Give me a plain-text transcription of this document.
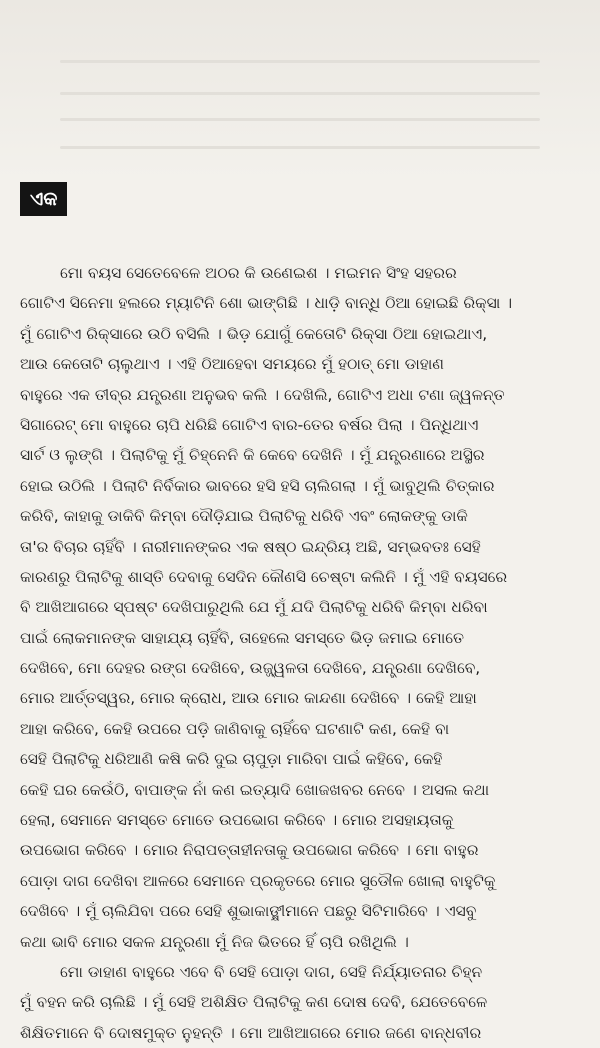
ଏକ
ମୋ ବୟସ ସେତେବେଳେ ଅଠର କି ଉଣେଇଶ । ମଇମନ ସିଂହ ସହରର
ଗୋଟିଏ ସିନେମା ହଲରେ ମ୍ୟାଟିନି ଶୋ ଭାଙ୍ଗିଛି । ଧାଡ଼ି ବାନ୍ଧି ଠିଆ ହୋଇଛି ରିକ୍ସା ।
ମୁଁ ଗୋଟିଏ ରିକ୍ସାରେ ଉଠି ବସିଲି । ଭିଡ଼ ଯୋଗୁଁ କେତୋଟି ରିକ୍ସା ଠିଆ ହୋଇଥାଏ,
ଆଉ କେତୋଟି ଚାଲୁଥାଏ । ଏହି ଠିଆହେବା ସମୟରେ ମୁଁ ହଠାତ୍ ମୋ ଡାହାଣ
ବାହୁରେ ଏକ ତୀବ୍ର ଯନ୍ତ୍ରଣା ଅନୁଭବ କଲି । ଦେଖିଲି, ଗୋଟିଏ ଅଧା ଟଣା ଜ୍ୱଳନ୍ତ
ସିଗାରେଟ୍ ମୋ ବାହୁରେ ଚାପି ଧରିଛି ଗୋଟିଏ ବାର-ତେର ବର୍ଷର ପିଲା । ପିନ୍ଧିଥାଏ
ସାର୍ଟ ଓ ଲୁଙ୍ଗି । ପିଲାଟିକୁ ମୁଁ ଚିହ୍ନେନି କି କେବେ ଦେଖିନି । ମୁଁ ଯନ୍ତ୍ରଣାରେ ଅସ୍ଥିର
ହୋଇ ଉଠିଲି । ପିଲାଟି ନିର୍ବିକାର ଭାବରେ ହସି ହସି ଚାଲିଗଲା । ମୁଁ ଭାବୁଥିଲି ଚିତ୍କାର
କରିବି, କାହାକୁ ଡାକିବି କିମ୍ବା ଦୌଡ଼ିଯାଇ ପିଲାଟିକୁ ଧରିବି ଏବଂ ଲୋକଙ୍କୁ ଡାକି
ତା'ର ବିଚାର ଚାହିଁବି । ନାରୀମାନଙ୍କର ଏକ ଷଷ୍ଠ ଇନ୍ଦ୍ରିୟ ଅଛି, ସମ୍ଭବତଃ ସେହି
କାରଣରୁ ପିଲାଟିକୁ ଶାସ୍ତି ଦେବାକୁ ସେଦିନ କୌଣସି ଚେଷ୍ଟା କଲିନି । ମୁଁ ଏହି ବୟସରେ
ବି ଆଖିଆଗରେ ସ୍ପଷ୍ଟ ଦେଖିପାରୁଥିଲି ଯେ ମୁଁ ଯଦି ପିଲାଟିକୁ ଧରିବି କିମ୍ବା ଧରିବା
ପାଇଁ ଲୋକମାନଙ୍କ ସାହାଯ୍ୟ ଚାହିଁବି, ତାହେଲେ ସମସ୍ତେ ଭିଡ଼ ଜମାଇ ମୋତେ
ଦେଖିବେ, ମୋ ଦେହର ରଙ୍ଗ ଦେଖିବେ, ଉଜ୍ଜ୍ୱଳତା ଦେଖିବେ, ଯନ୍ତ୍ରଣା ଦେଖିବେ,
ମୋର ଆର୍ତ୍ତସ୍ୱର, ମୋର କ୍ରୋଧ, ଆଉ ମୋର କାନ୍ଦଣା ଦେଖିବେ । କେହି ଆହା
ଆହା କରିବେ, କେହି ଉପରେ ପଡ଼ି ଜାଣିବାକୁ ଚାହିଁବେ ଘଟଣାଟି କଣ, କେହି ବା
ସେହି ପିଲାଟିକୁ ଧରିଆଣି କଷି କରି ଦୁଇ ଚାପୁଡ଼ା ମାରିବା ପାଇଁ କହିବେ, କେହି
କେହି ଘର କେଉଁଠି, ବାପାଙ୍କ ନାଁ କଣ ଇତ୍ୟାଦି ଖୋଜଖବର ନେବେ । ଅସଲ କଥା
ହେଲା, ସେମାନେ ସମସ୍ତେ ମୋତେ ଉପଭୋଗ କରିବେ । ମୋର ଅସହାୟତାକୁ
ଉପଭୋଗ କରିବେ । ମୋର ନିରାପତ୍ତାହୀନତାକୁ ଉପଭୋଗ କରିବେ । ମୋ ବାହୁର
ପୋଡ଼ା ଦାଗ ଦେଖିବା ଆଳରେ ସେମାନେ ପ୍ରକୃତରେ ମୋର ସୁଡୌଳ ଖୋଲା ବାହୁଟିକୁ
ଦେଖିବେ । ମୁଁ ଚାଲିଯିବା ପରେ ସେହି ଶୁଭାକାଙ୍କ୍ଷୀମାନେ ପଛରୁ ସିଟିମାରିବେ । ଏସବୁ
କଥା ଭାବି ମୋର ସକଳ ଯନ୍ତ୍ରଣା ମୁଁ ନିଜ ଭିତରେ ହିଁ ଚାପି ରଖିଥିଲି ।
ମୋ ଡାହାଣ ବାହୁରେ ଏବେ ବି ସେହି ପୋଡ଼ା ଦାଗ, ସେହି ନିର୍ଯ୍ୟାତନାର ଚିହ୍ନ
ମୁଁ ବହନ କରି ଚାଲିଛି । ମୁଁ ସେହି ଅଶିକ୍ଷିତ ପିଲାଟିକୁ କଣ ଦୋଷ ଦେବି, ଯେତେବେଳେ
ଶିକ୍ଷିତମାନେ ବି ଦୋଷମୁକ୍ତ ନୁହନ୍ତି । ମୋ ଆଖିଆଗରେ ମୋର ଜଣେ ବାନ୍ଧବୀର
